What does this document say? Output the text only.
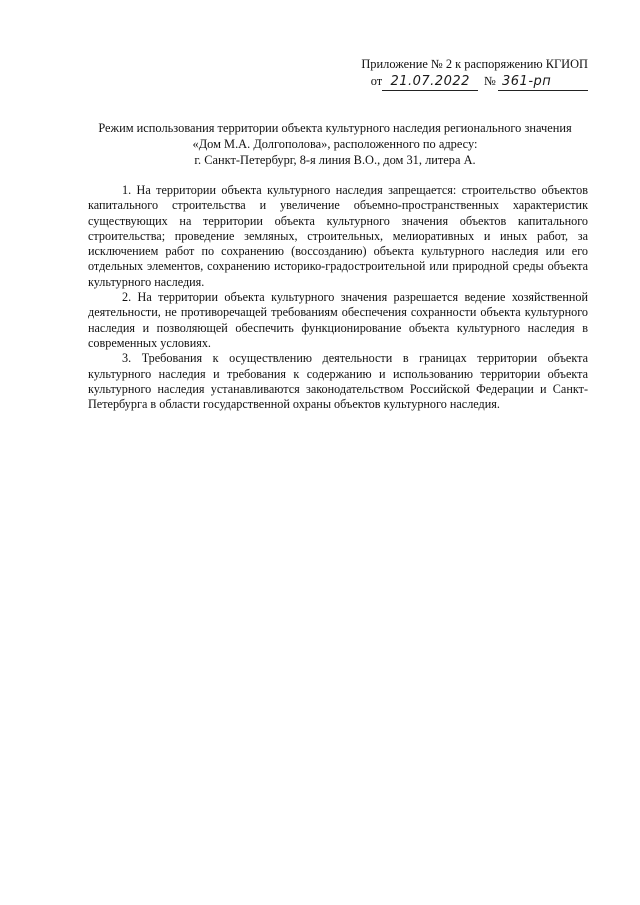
Приложение № 2 к распоряжению КГИОП
от 21.07.2022	№ 361-рп
Режим использования территории объекта культурного наследия регионального значения
«Дом М.А. Долгополова», расположенного по адресу:
г. Санкт-Петербург, 8-я линия В.О., дом 31, литера А.

1. На территории объекта культурного наследия запрещается: строительство объектов капитального строительства и увеличение объемно-пространственных характеристик существующих на территории объекта культурного значения объектов капитального строительства; проведение земляных, строительных, мелиоративных и иных работ, за исключением работ по сохранению (воссозданию) объекта культурного наследия или его отдельных элементов, сохранению историко-градостроительной или природной среды объекта культурного наследия.

2. На территории объекта культурного значения разрешается ведение хозяйственной деятельности, не противоречащей требованиям обеспечения сохранности объекта культурного наследия и позволяющей обеспечить функционирование объекта культурного наследия в современных условиях.

3. Требования к осуществлению деятельности в границах территории объекта культурного наследия и требования к содержанию и использованию территории объекта культурного наследия устанавливаются законодательством Российской Федерации и Санкт-Петербурга в области государственной охраны объектов культурного наследия.
